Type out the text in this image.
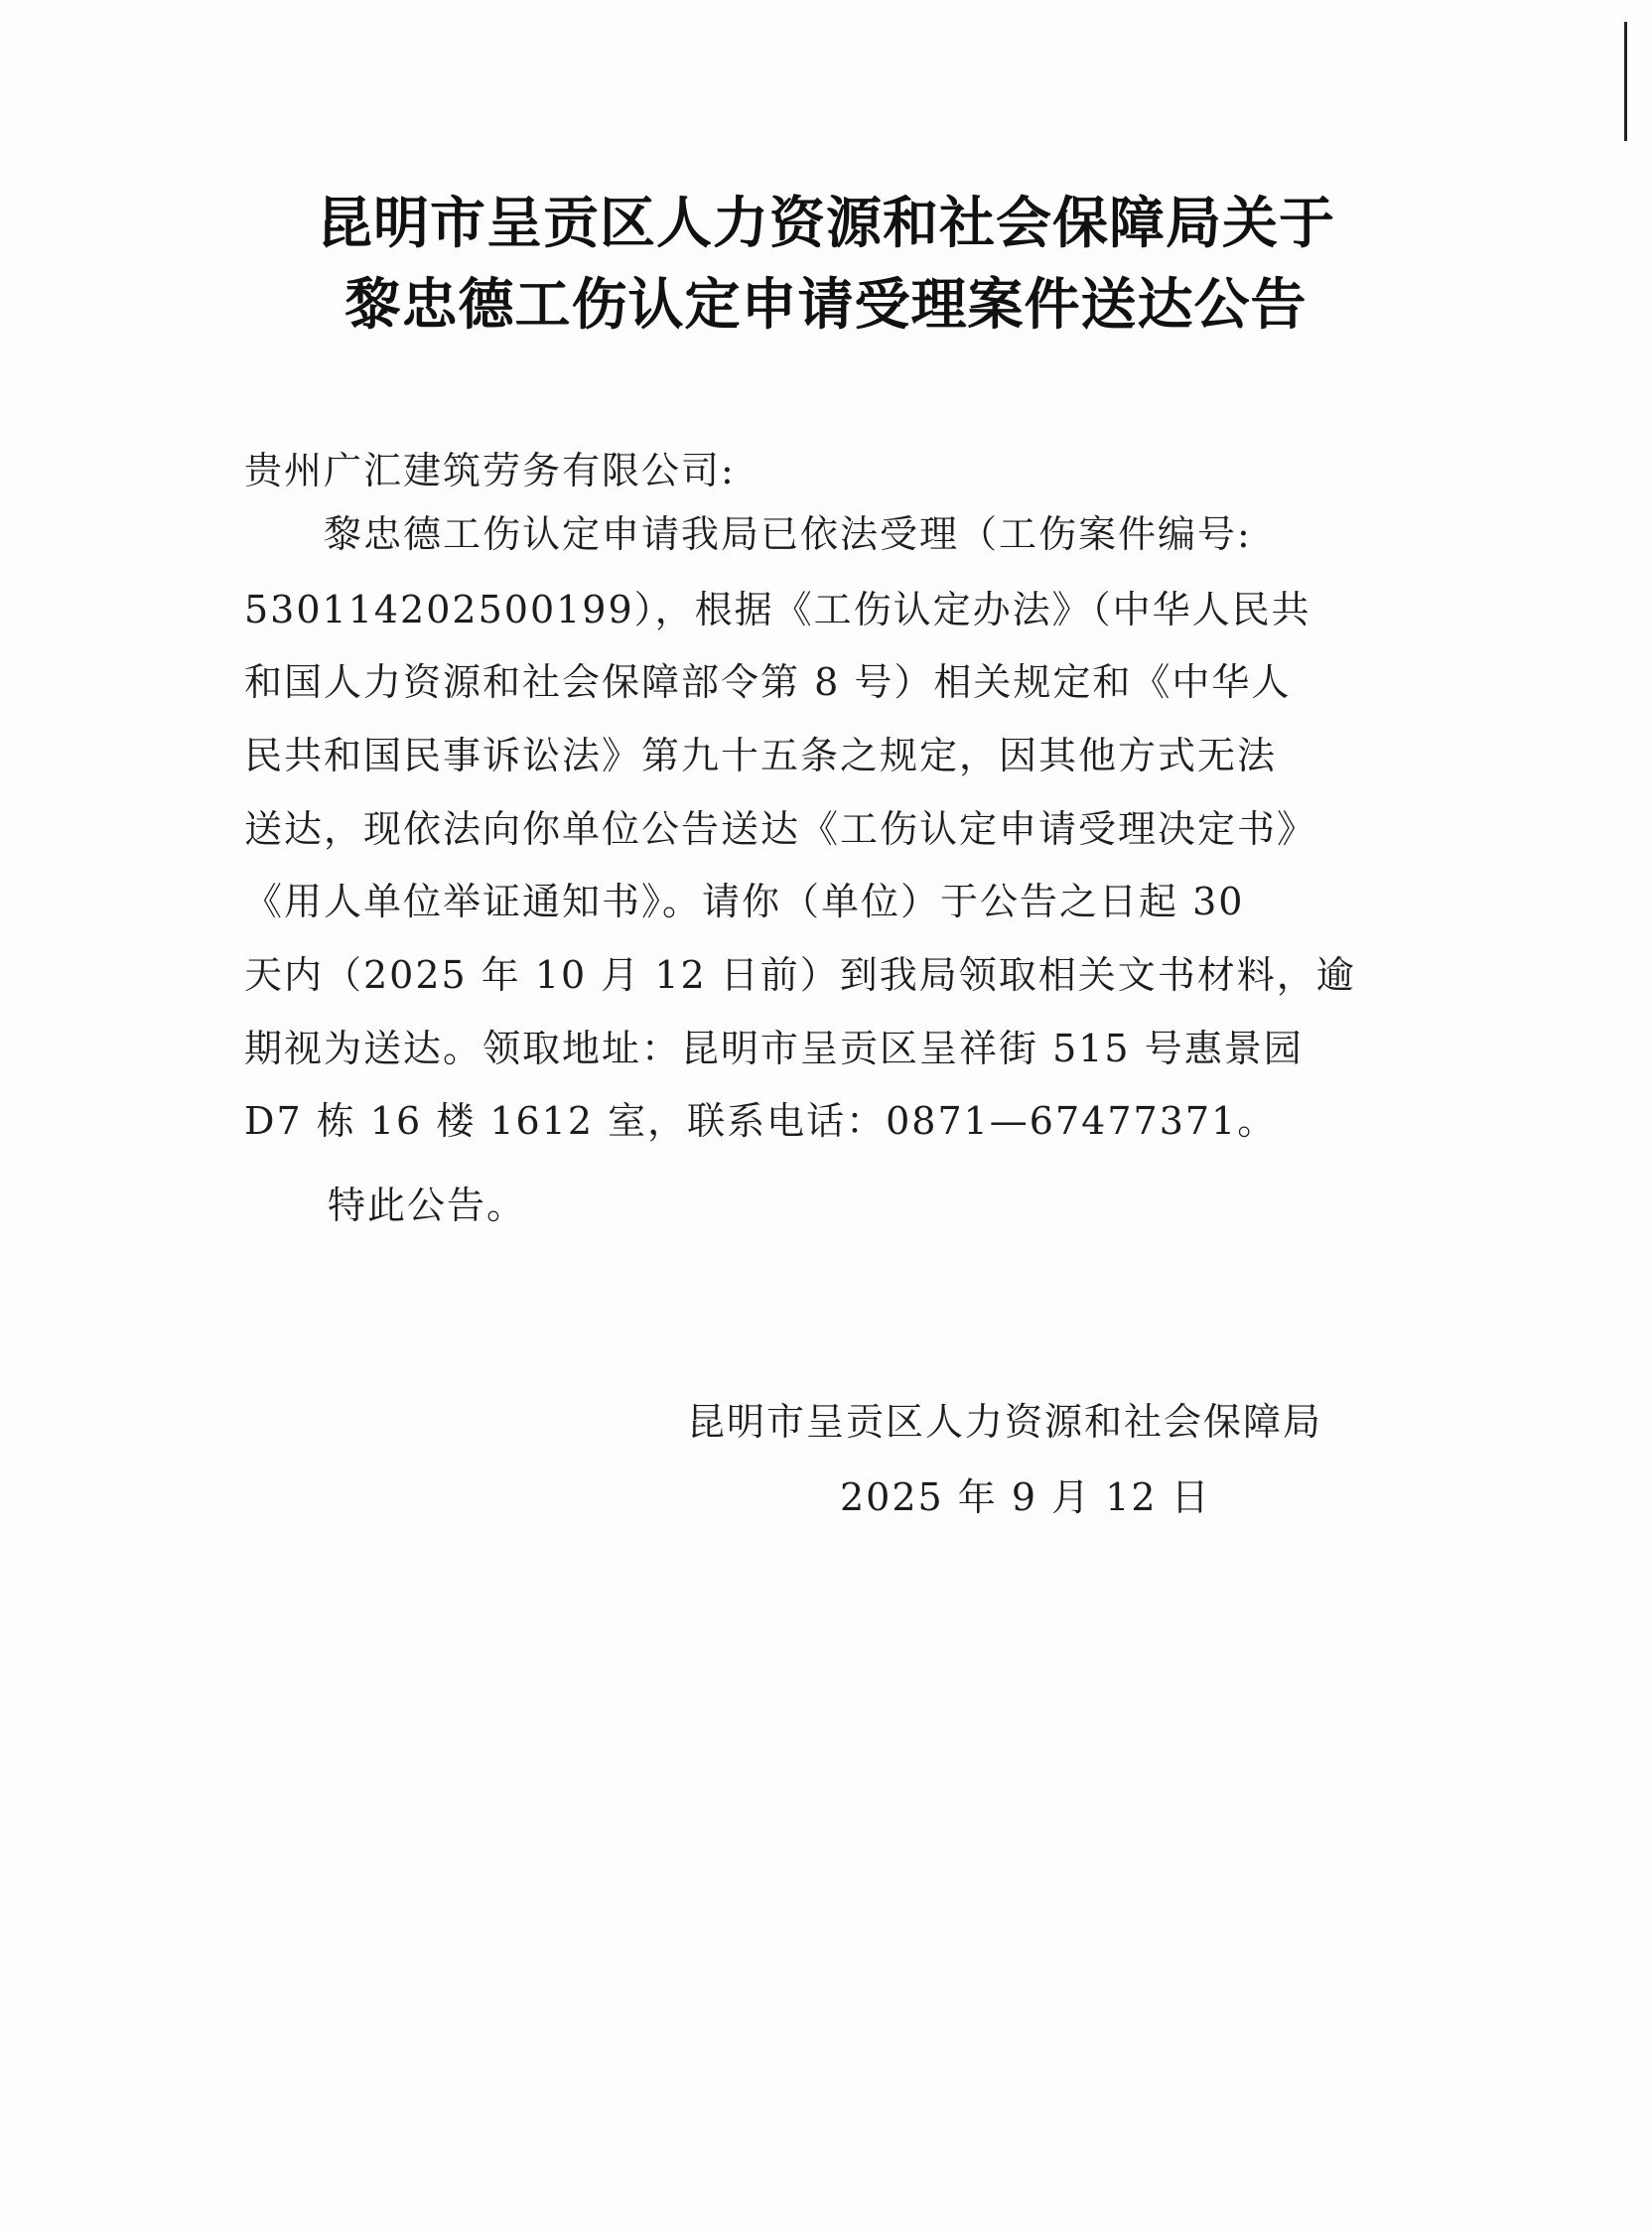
昆明市呈贡区人力资源和社会保障局关于
黎忠德工伤认定申请受理案件送达公告
贵州广汇建筑劳务有限公司:
黎忠德工伤认定申请我局已依法受理（工伤案件编号:
530114202500199），根据《工伤认定办法》（中华人民共
和国人力资源和社会保障部令第 8 号）相关规定和《中华人
民共和国民事诉讼法》第九十五条之规定，因其他方式无法
送达，现依法向你单位公告送达《工伤认定申请受理决定书》
《用人单位举证通知书》。请你（单位）于公告之日起 30
天内（2025 年 10 月 12 日前）到我局领取相关文书材料，逾
期视为送达。领取地址：昆明市呈贡区呈祥街 515 号惠景园
D7 栋 16 楼 1612 室，联系电话：0871—67477371。
特此公告。
昆明市呈贡区人力资源和社会保障局
2025 年 9 月 12 日
